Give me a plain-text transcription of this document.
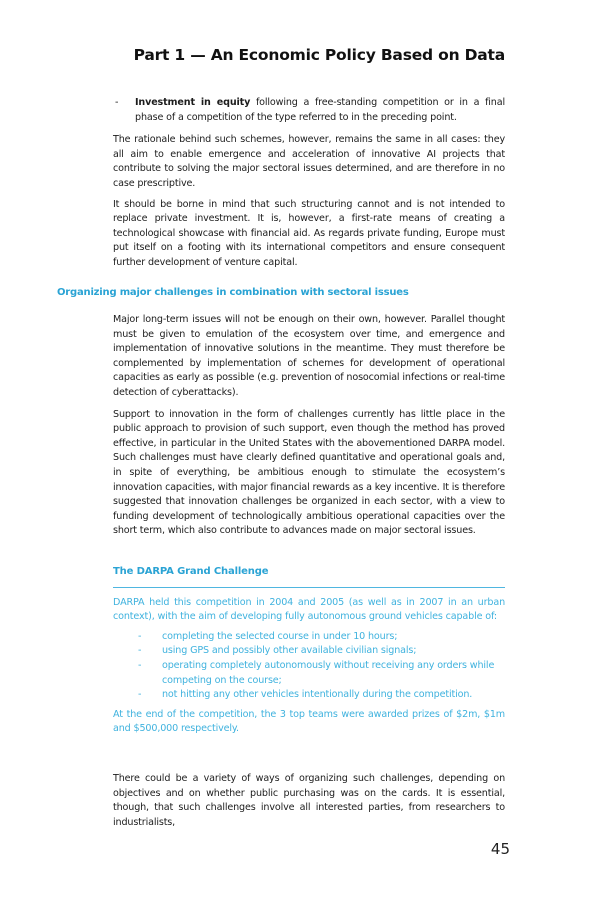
Part 1 — An Economic Policy Based on Data
- Investment in equity following a free-standing competition or in a final phase of a competition of the type referred to in the preceding point.

The rationale behind such schemes, however, remains the same in all cases: they all aim to enable emergence and acceleration of innovative AI projects that contribute to solving the major sectoral issues determined, and are therefore in no case prescriptive.

It should be borne in mind that such structuring cannot and is not intended to replace private investment. It is, however, a first-rate means of creating a technological showcase with financial aid. As regards private funding, Europe must put itself on a footing with its international competitors and ensure consequent further development of venture capital.

Organizing major challenges in combination with sectoral issues

Major long-term issues will not be enough on their own, however. Parallel thought must be given to emulation of the ecosystem over time, and emergence and implementation of innovative solutions in the meantime. They must therefore be complemented by implementation of schemes for development of operational capacities as early as possible (e.g. prevention of nosocomial infections or real-time detection of cyberattacks).

Support to innovation in the form of challenges currently has little place in the public approach to provision of such support, even though the method has proved effective, in particular in the United States with the abovementioned DARPA model. Such challenges must have clearly defined quantitative and operational goals and, in spite of everything, be ambitious enough to stimulate the ecosystem’s innovation capacities, with major financial rewards as a key incentive. It is therefore suggested that innovation challenges be organized in each sector, with a view to funding development of technologically ambitious operational capacities over the short term, which also contribute to advances made on major sectoral issues.

The DARPA Grand Challenge

DARPA held this competition in 2004 and 2005 (as well as in 2007 in an urban context), with the aim of developing fully autonomous ground vehicles capable of:

- completing the selected course in under 10 hours;
- using GPS and possibly other available civilian signals;
- operating completely autonomously without receiving any orders while competing on the course;
- not hitting any other vehicles intentionally during the competition.

At the end of the competition, the 3 top teams were awarded prizes of $2m, $1m and $500,000 respectively.

There could be a variety of ways of organizing such challenges, depending on objectives and on whether public purchasing was on the cards. It is essential, though, that such challenges involve all interested parties, from researchers to industrialists,

45
